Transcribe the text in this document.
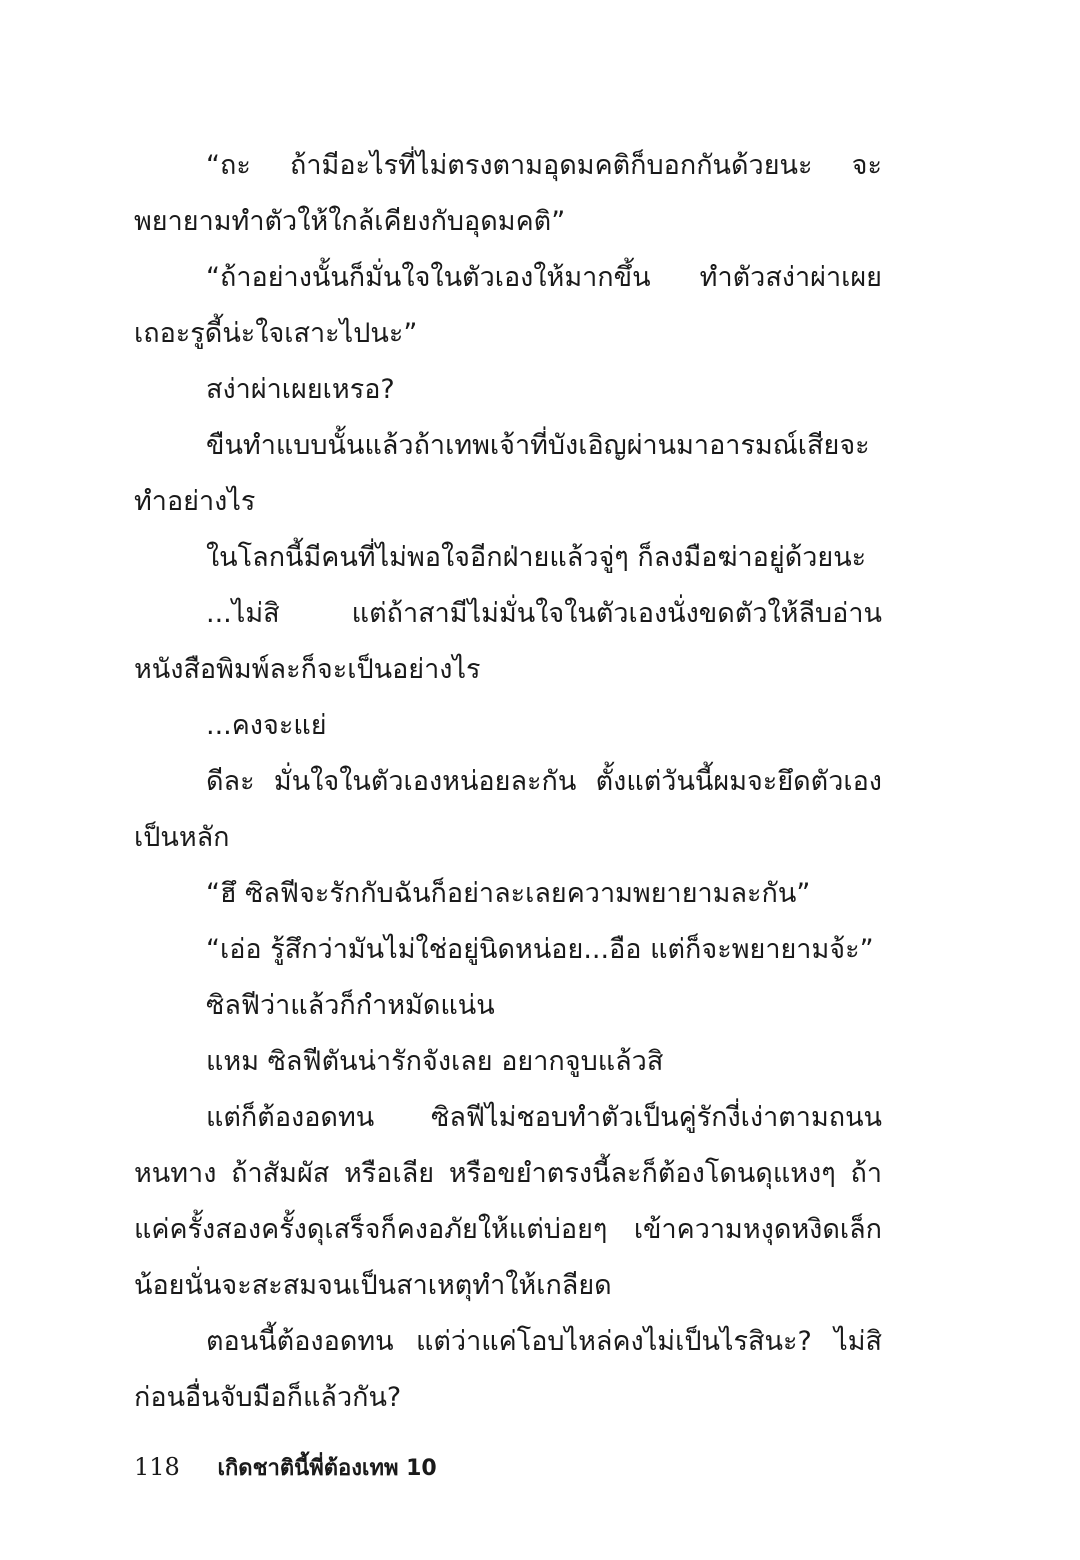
“ถะ ถ้ามีอะไรที่ไม่ตรงตามอุดมคติก็บอกกันด้วยนะ จะพยายามทำตัวให้ใกล้เคียงกับอุดมคติ”

“ถ้าอย่างนั้นก็มั่นใจในตัวเองให้มากขึ้น ทำตัวสง่าผ่าเผยเถอะรูดี้น่ะใจเสาะไปนะ”

สง่าผ่าเผยเหรอ?

ขืนทำแบบนั้นแล้วถ้าเทพเจ้าที่บังเอิญผ่านมาอารมณ์เสียจะทำอย่างไร

ในโลกนี้มีคนที่ไม่พอใจอีกฝ่ายแล้วจู่ๆ ก็ลงมือฆ่าอยู่ด้วยนะ

...ไม่สิ แต่ถ้าสามีไม่มั่นใจในตัวเองนั่งขดตัวให้ลีบอ่านหนังสือพิมพ์ละก็จะเป็นอย่างไร

...คงจะแย่

ดีละ มั่นใจในตัวเองหน่อยละกัน ตั้งแต่วันนี้ผมจะยึดตัวเองเป็นหลัก

“ฮึ ซิลฟีจะรักกับฉันก็อย่าละเลยความพยายามละกัน”

“เอ่อ รู้สึกว่ามันไม่ใช่อยู่นิดหน่อย...อือ แต่ก็จะพยายามจ้ะ”

ซิลฟีว่าแล้วก็กำหมัดแน่น

แหม ซิลฟีตันน่ารักจังเลย อยากจูบแล้วสิ

แต่ก็ต้องอดทน ซิลฟีไม่ชอบทำตัวเป็นคู่รักงี่เง่าตามถนนหนทาง ถ้าสัมผัส หรือเลีย หรือขยำตรงนี้ละก็ต้องโดนดุแหงๆ ถ้าแค่ครั้งสองครั้งดุเสร็จก็คงอภัยให้แต่บ่อยๆ เข้าความหงุดหงิดเล็กน้อยนั่นจะสะสมจนเป็นสาเหตุทำให้เกลียด

ตอนนี้ต้องอดทน แต่ว่าแค่โอบไหล่คงไม่เป็นไรสินะ? ไม่สิ ก่อนอื่นจับมือก็แล้วกัน?

118 เกิดชาตินี้พี่ต้องเทพ 10
